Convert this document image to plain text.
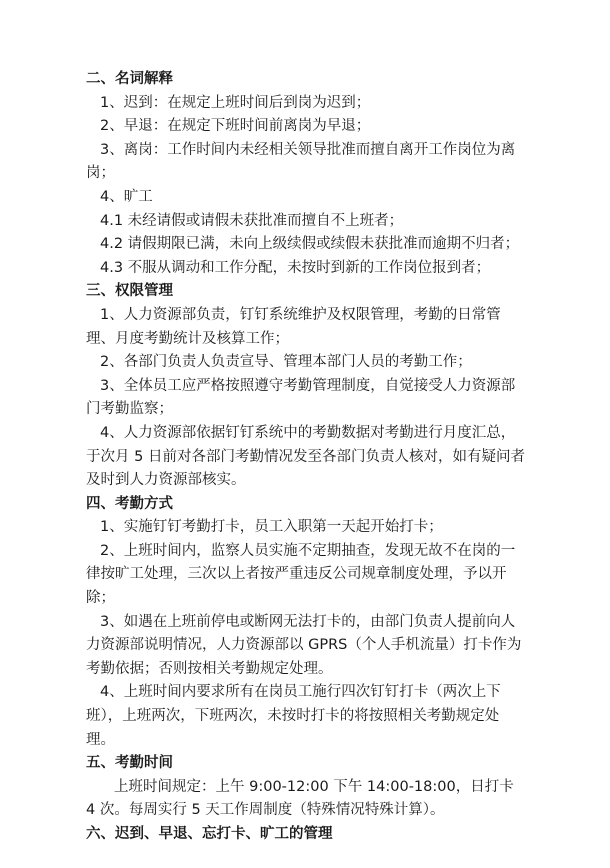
二、名词解释
1、迟到：在规定上班时间后到岗为迟到；
2、早退：在规定下班时间前离岗为早退；
3、离岗：工作时间内未经相关领导批准而擅自离开工作岗位为离岗；
4、旷工
4.1 未经请假或请假未获批准而擅自不上班者；
4.2 请假期限已满，未向上级续假或续假未获批准而逾期不归者；
4.3 不服从调动和工作分配，未按时到新的工作岗位报到者；
三、权限管理
1、人力资源部负责，钉钉系统维护及权限管理，考勤的日常管理、月度考勤统计及核算工作；
2、各部门负责人负责宣导、管理本部门人员的考勤工作；
3、全体员工应严格按照遵守考勤管理制度，自觉接受人力资源部门考勤监察；
4、人力资源部依据钉钉系统中的考勤数据对考勤进行月度汇总，于次月 5 日前对各部门考勤情况发至各部门负责人核对，如有疑问者及时到人力资源部核实。
四、考勤方式
1、实施钉钉考勤打卡，员工入职第一天起开始打卡；
2、上班时间内，监察人员实施不定期抽查，发现无故不在岗的一律按旷工处理，三次以上者按严重违反公司规章制度处理，予以开除；
3、如遇在上班前停电或断网无法打卡的，由部门负责人提前向人力资源部说明情况，人力资源部以 GPRS（个人手机流量）打卡作为考勤依据；否则按相关考勤规定处理。
4、上班时间内要求所有在岗员工施行四次钉钉打卡（两次上下班），上班两次，下班两次，未按时打卡的将按照相关考勤规定处理。
五、考勤时间
上班时间规定：上午 9:00-12:00 下午 14:00-18:00，日打卡 4 次。每周实行 5 天工作周制度（特殊情况特殊计算）。
六、迟到、早退、忘打卡、旷工的管理
